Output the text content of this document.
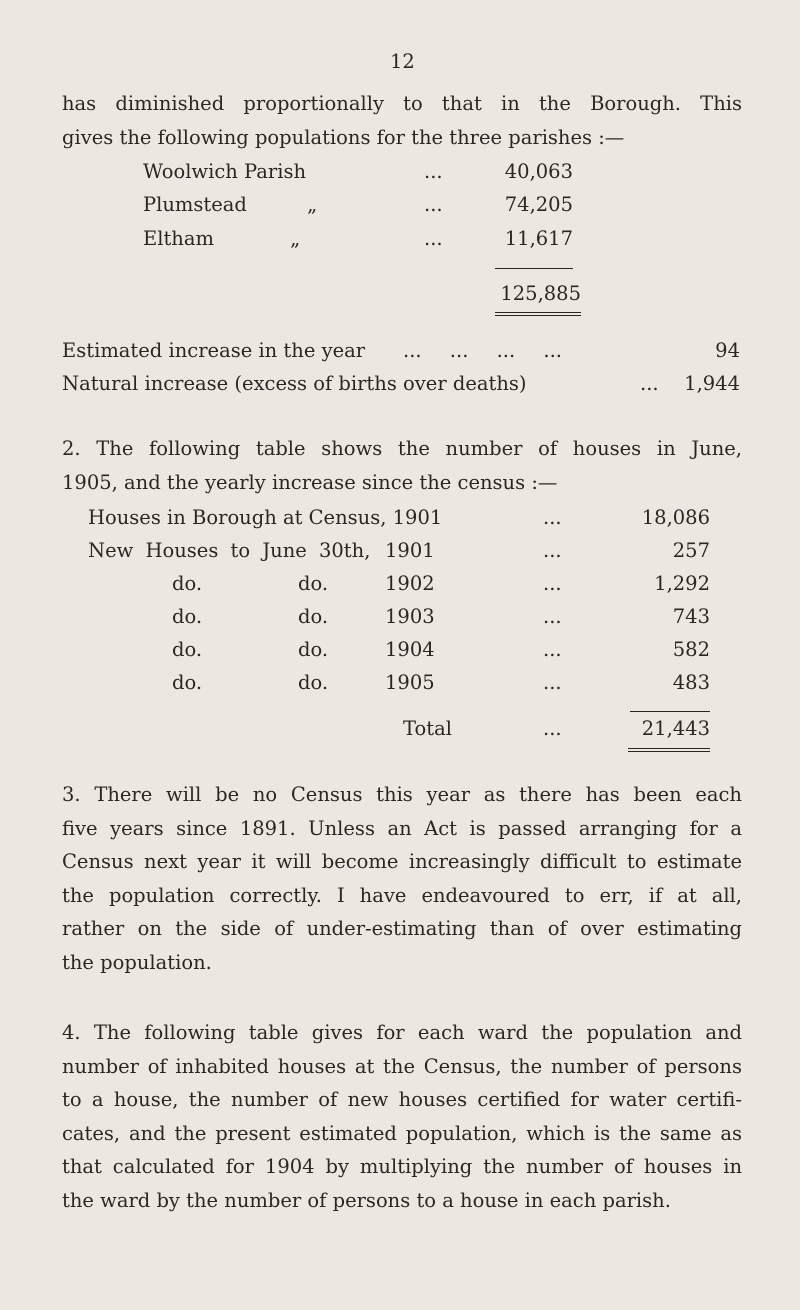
12
has diminished proportionally to that in the Borough. This
gives the following populations for the three parishes :—
Woolwich Parish	...	40,063
Plumstead „	...	74,205
Eltham „	...	11,617
125,885
Estimated increase in the year ... ... ... ...	94
Natural increase (excess of births over deaths)	...	1,944
2. The following table shows the number of houses in June,
1905, and the yearly increase since the census :—
Houses in Borough at Census, 1901	...	18,086
New Houses to June 30th, 1901	...	257
do.	do.	1902	...	1,292
do.	do.	1903	...	743
do.	do.	1904	...	582
do.	do.	1905	...	483
Total	...	21,443
3. There will be no Census this year as there has been each
five years since 1891. Unless an Act is passed arranging for a
Census next year it will become increasingly difficult to estimate
the population correctly. I have endeavoured to err, if at all,
rather on the side of under-estimating than of over estimating
the population.
4. The following table gives for each ward the population and
number of inhabited houses at the Census, the number of persons
to a house, the number of new houses certified for water certifi-
cates, and the present estimated population, which is the same as
that calculated for 1904 by multiplying the number of houses in
the ward by the number of persons to a house in each parish.
